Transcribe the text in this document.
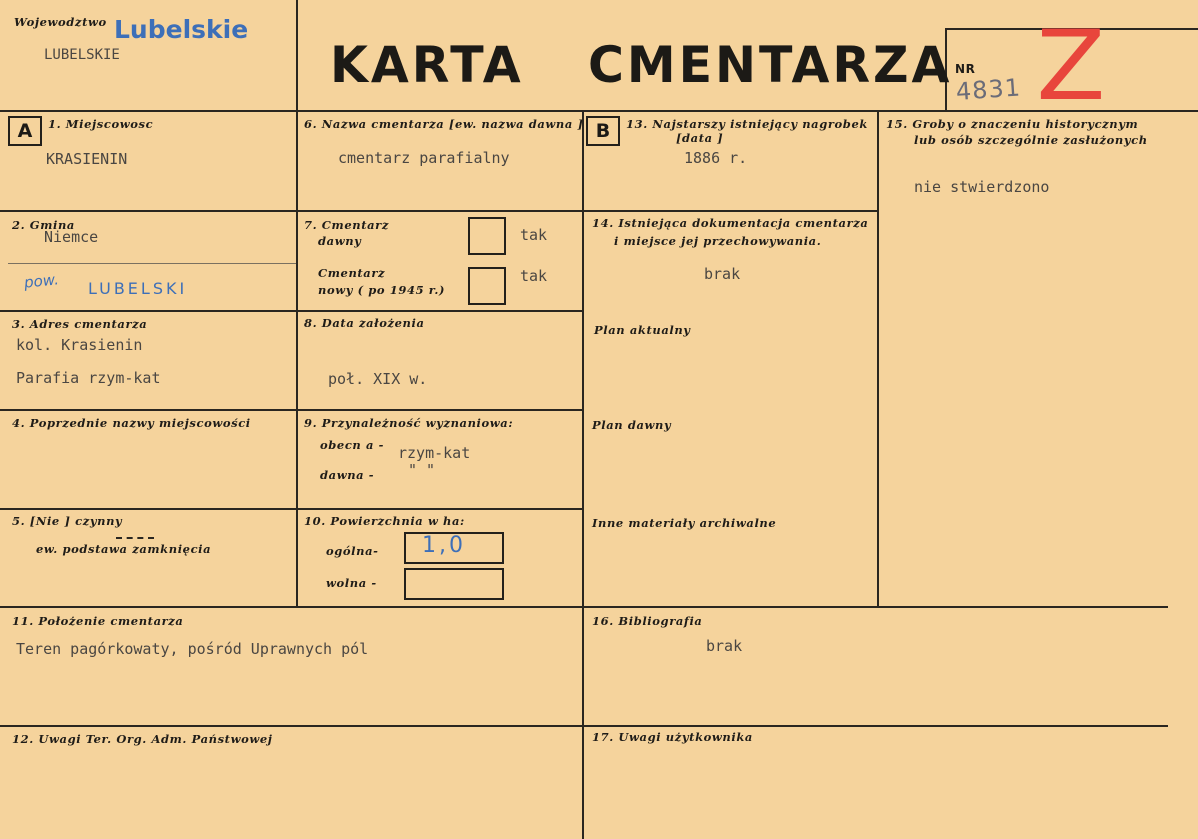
Wojewodztwo Lubelskie
LUBELSKIE	KARTA CMENTARZA NR
4831 Z
A	1. Miejscowosc
KRASIENIN
2. Gmina
Niemce
pow. LUBELSKI
3. Adres cmentarza
kol. Krasienin
Parafia rzym-kat
4. Poprzednie nazwy miejscowości
5. [Nie ] czynny
ew. podstawa zamknięcia
6. Nazwa cmentarza [ew. nazwa dawna ]
cmentarz parafialny
7. Cmentarz
dawny	tak
Cmentarz
nowy ( po 1945 r.)
tak
8. Data założenia
poł. XIX w.
9. Przynależność wyznaniowa:
obecn a - rzym-kat
dawna - " "
10. Powierzchnia w ha:
ogólna- 1,0
wolna -
B	13. Najstarszy istniejący nagrobek
[data ]
1886 r.
14. Istniejąca dokumentacja cmentarza
i miejsce jej przechowywania.
brak
Plan aktualny
Plan dawny
Inne materiały archiwalne
15. Groby o znaczeniu historycznym
lub osób szczególnie zasłużonych
nie stwierdzono
11. Położenie cmentarza
Teren pagórkowaty, pośród Uprawnych pól
16. Bibliografia
brak
12. Uwagi Ter. Org. Adm. Państwowej	17. Uwagi użytkownika
